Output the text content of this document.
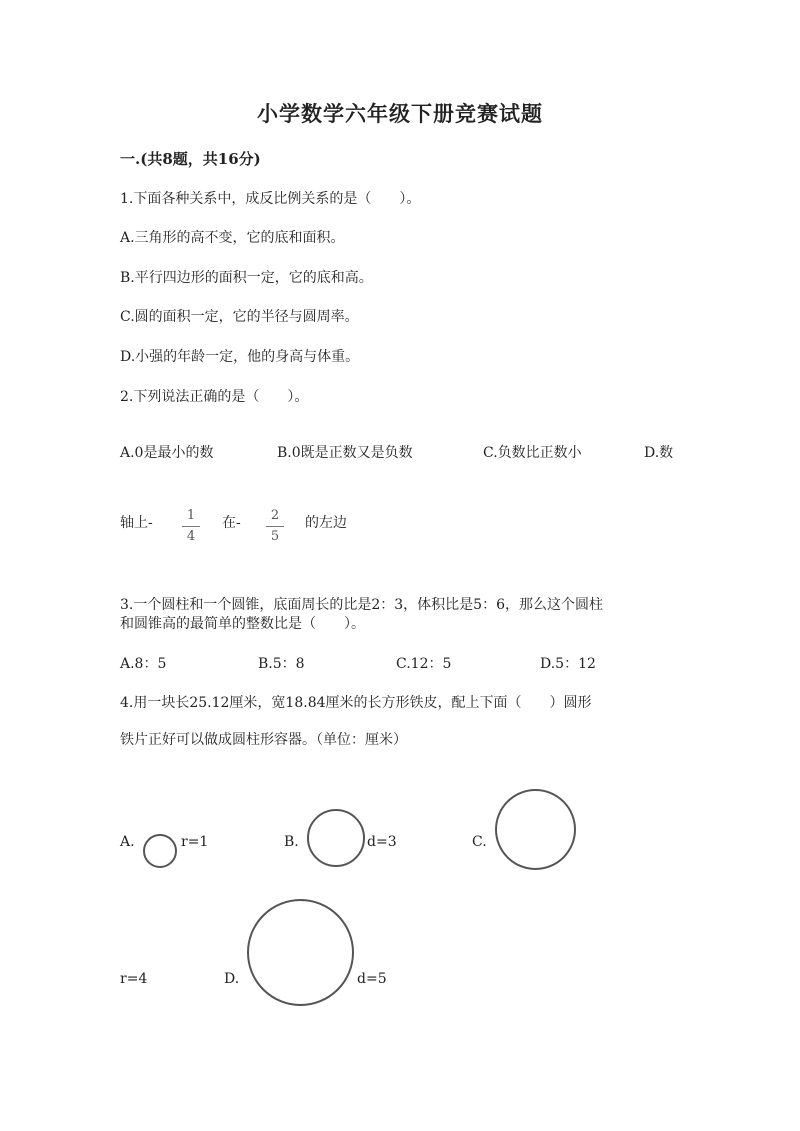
小学数学六年级下册竞赛试题
一.(共8题，共16分)
1.下面各种关系中，成反比例关系的是（　　）。
A.三角形的高不变，它的底和面积。
B.平行四边形的面积一定，它的底和高。
C.圆的面积一定，它的半径与圆周率。
D.小强的年龄一定，他的身高与体重。
2.下列说法正确的是（　　）。
A.0是最小的数	B.0既是正数又是负数	C.负数比正数小	D.数
轴上-	1
4
在-	2
5
的左边
3.一个圆柱和一个圆锥，底面周长的比是2：3，体积比是5：6，那么这个圆柱
和圆锥高的最简单的整数比是（　　）。
A.8：5	B.5：8	C.12：5	D.5：12
4.用一块长25.12厘米，宽18.84厘米的长方形铁皮，配上下面（　　）圆形
铁片正好可以做成圆柱形容器。（单位：厘米）
A.	r=1	B.	d=3	C.
r=4	D.	d=5
